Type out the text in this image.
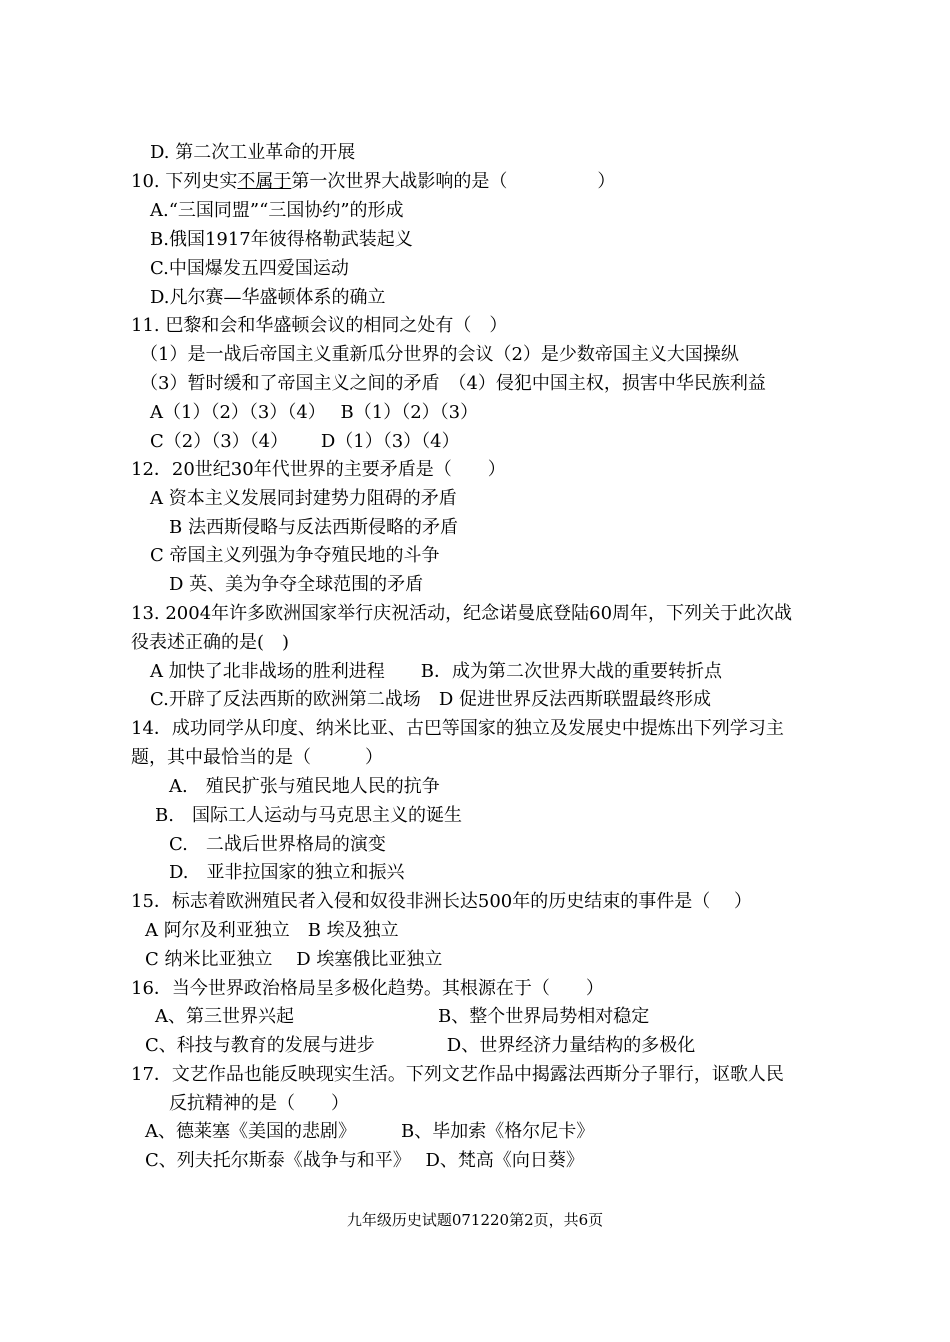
D. 第二次工业革命的开展
10. 下列史实不属于第一次世界大战影响的是（　　　　　）
A.“三国同盟”“三国协约”的形成
B.俄国1917年彼得格勒武装起义
C.中国爆发五四爱国运动
D.凡尔赛—华盛顿体系的确立
11. 巴黎和会和华盛顿会议的相同之处有（　）
（1）是一战后帝国主义重新瓜分世界的会议（2）是少数帝国主义大国操纵
（3）暂时缓和了帝国主义之间的矛盾　（4）侵犯中国主权，损害中华民族利益
A（1）（2）（3）（4）　 B（1）（2）（3）
C（2）（3）（4）　　 D（1）（3）（4）
12．20世纪30年代世界的主要矛盾是（　　）
A 资本主义发展同封建势力阻碍的矛盾
B 法西斯侵略与反法西斯侵略的矛盾
C 帝国主义列强为争夺殖民地的斗争
D 英、美为争夺全球范围的矛盾
13. 2004年许多欧洲国家举行庆祝活动，纪念诺曼底登陆60周年，下列关于此次战
役表述正确的是(　)
A 加快了北非战场的胜利进程　　B．成为第二次世界大战的重要转折点
C.开辟了反法西斯的欧洲第二战场　D 促进世界反法西斯联盟最终形成
14．成功同学从印度、纳米比亚、古巴等国家的独立及发展史中提炼出下列学习主
题，其中最恰当的是（　　　）
A.　殖民扩张与殖民地人民的抗争
B.　国际工人运动与马克思主义的诞生
C.　二战后世界格局的演变
D.　亚非拉国家的独立和振兴
15．标志着欧洲殖民者入侵和奴役非洲长达500年的历史结束的事件是（　 ）
A 阿尔及利亚独立　B 埃及独立
C 纳米比亚独立　 D 埃塞俄比亚独立
16．当今世界政治格局呈多极化趋势。其根源在于（　　）
A、第三世界兴起　　　　　　　　B、整个世界局势相对稳定
C、科技与教育的发展与进步　　　　D、世界经济力量结构的多极化
17．文艺作品也能反映现实生活。下列文艺作品中揭露法西斯分子罪行，讴歌人民
反抗精神的是（　　）
A、德莱塞《美国的悲剧》　　　B、毕加索《格尔尼卡》
C、列夫托尔斯泰《战争与和平》　 D、梵高《向日葵》
九年级历史试题071220第2页，共6页
